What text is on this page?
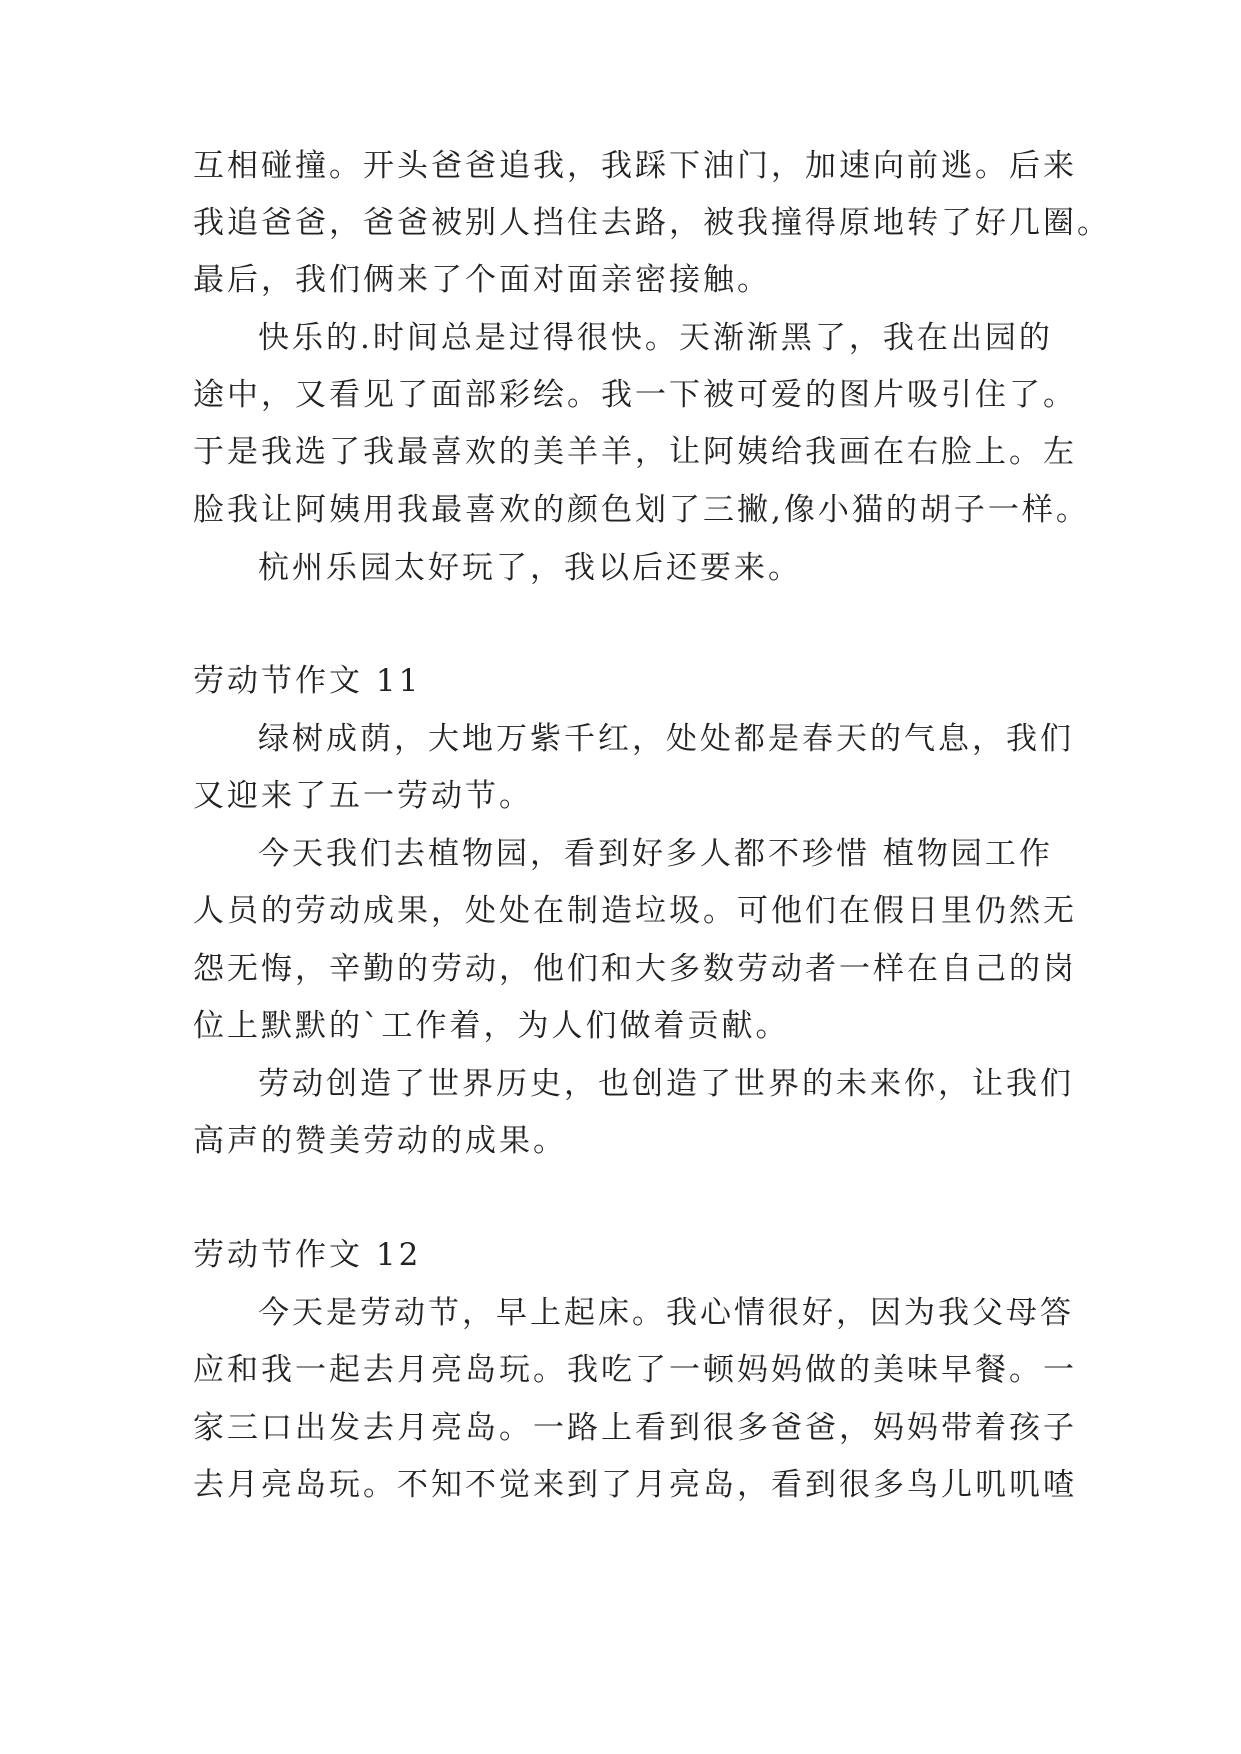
互相碰撞。开头爸爸追我，我踩下油门，加速向前逃。后来
我追爸爸，爸爸被别人挡住去路，被我撞得原地转了好几圈。
最后，我们俩来了个面对面亲密接触。
快乐的.时间总是过得很快。天渐渐黑了，我在出园的
途中，又看见了面部彩绘。我一下被可爱的图片吸引住了。
于是我选了我最喜欢的美羊羊，让阿姨给我画在右脸上。左
脸我让阿姨用我最喜欢的颜色划了三撇,像小猫的胡子一样。
杭州乐园太好玩了，我以后还要来。
劳动节作文 11
绿树成荫，大地万紫千红，处处都是春天的气息，我们
又迎来了五一劳动节。
今天我们去植物园，看到好多人都不珍惜 植物园工作
人员的劳动成果，处处在制造垃圾。可他们在假日里仍然无
怨无悔，辛勤的劳动，他们和大多数劳动者一样在自己的岗
位上默默的`工作着，为人们做着贡献。
劳动创造了世界历史，也创造了世界的未来你，让我们
高声的赞美劳动的成果。
劳动节作文 12
今天是劳动节，早上起床。我心情很好，因为我父母答
应和我一起去月亮岛玩。我吃了一顿妈妈做的美味早餐。一
家三口出发去月亮岛。一路上看到很多爸爸，妈妈带着孩子
去月亮岛玩。不知不觉来到了月亮岛，看到很多鸟儿叽叽喳
